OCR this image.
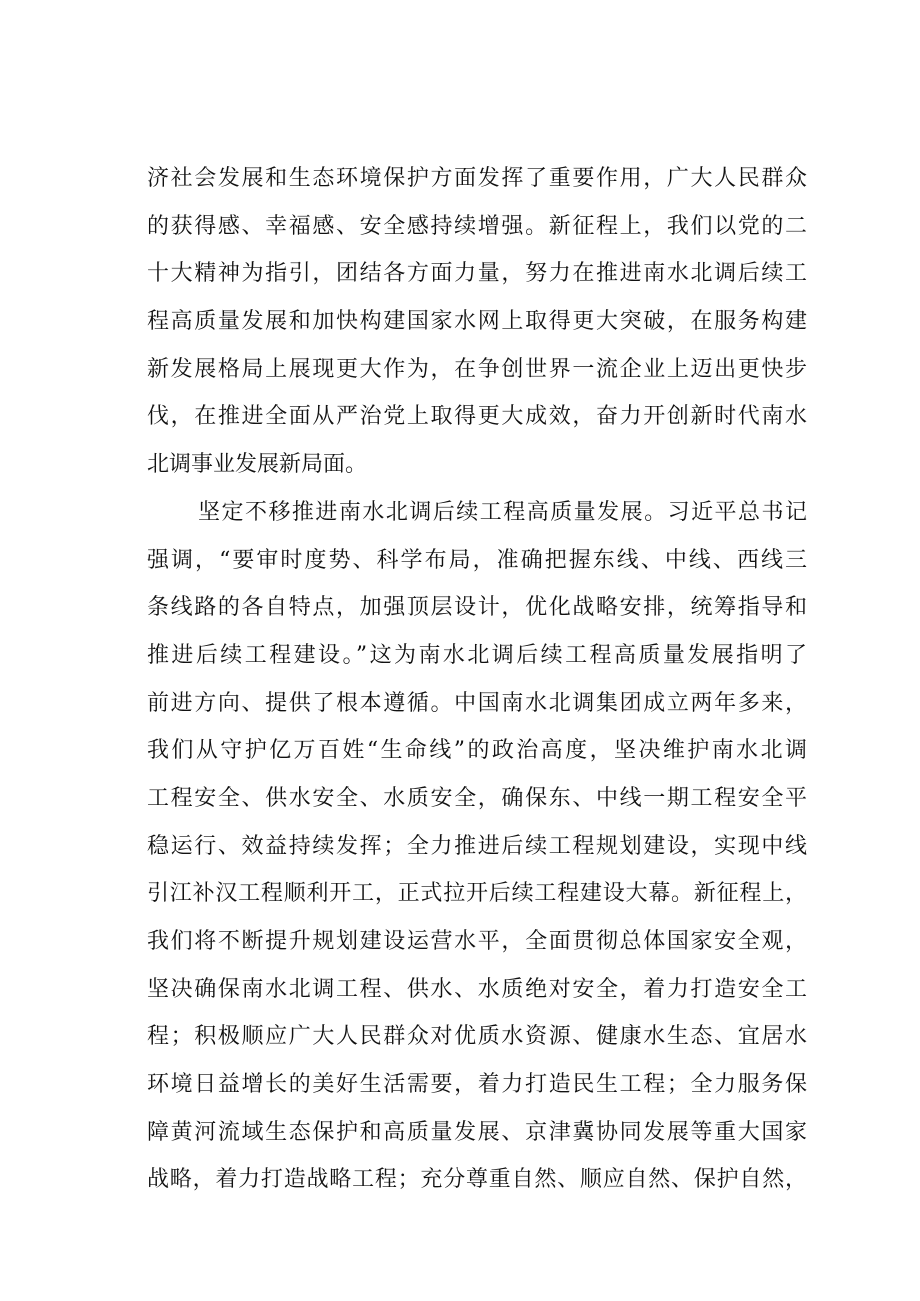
济社会发展和生态环境保护方面发挥了重要作用，广大人民群众
的获得感、幸福感、安全感持续增强。新征程上，我们以党的二
十大精神为指引，团结各方面力量，努力在推进南水北调后续工
程高质量发展和加快构建国家水网上取得更大突破，在服务构建
新发展格局上展现更大作为，在争创世界一流企业上迈出更快步
伐，在推进全面从严治党上取得更大成效，奋力开创新时代南水
北调事业发展新局面。
坚定不移推进南水北调后续工程高质量发展。习近平总书记
强调，“要审时度势、科学布局，准确把握东线、中线、西线三
条线路的各自特点，加强顶层设计，优化战略安排，统筹指导和
推进后续工程建设。”这为南水北调后续工程高质量发展指明了
前进方向、提供了根本遵循。中国南水北调集团成立两年多来，
我们从守护亿万百姓“生命线”的政治高度，坚决维护南水北调
工程安全、供水安全、水质安全，确保东、中线一期工程安全平
稳运行、效益持续发挥；全力推进后续工程规划建设，实现中线
引江补汉工程顺利开工，正式拉开后续工程建设大幕。新征程上，
我们将不断提升规划建设运营水平，全面贯彻总体国家安全观，
坚决确保南水北调工程、供水、水质绝对安全，着力打造安全工
程；积极顺应广大人民群众对优质水资源、健康水生态、宜居水
环境日益增长的美好生活需要，着力打造民生工程；全力服务保
障黄河流域生态保护和高质量发展、京津冀协同发展等重大国家
战略，着力打造战略工程；充分尊重自然、顺应自然、保护自然，
